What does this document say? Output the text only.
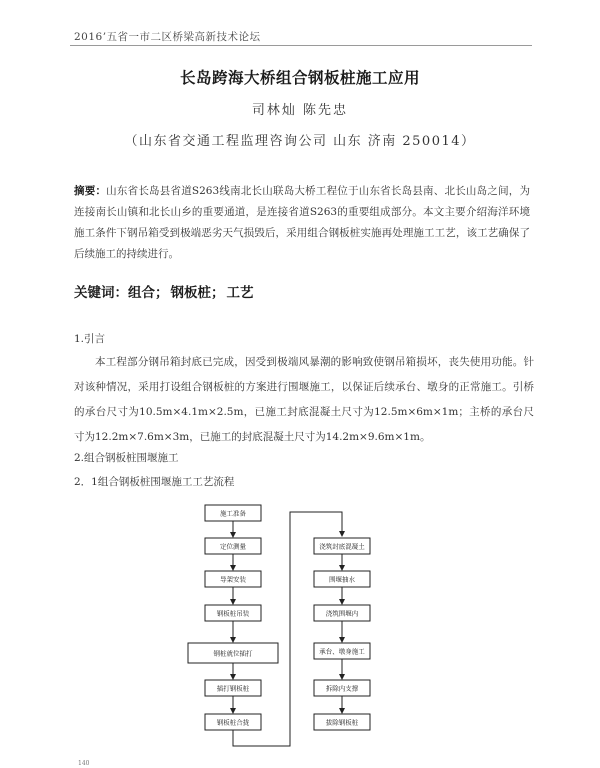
2016’五省一市二区桥梁高新技术论坛
长岛跨海大桥组合钢板桩施工应用
司林灿 陈先忠
（山东省交通工程监理咨询公司 山东 济南 250014）
摘要：山东省长岛县省道S263线南北长山联岛大桥工程位于山东省长岛县南、北长山岛之间，为连接南长山镇和北长山乡的重要通道，是连接省道S263的重要组成部分。本文主要介绍海洋环境施工条件下钢吊箱受到极端恶劣天气损毁后，采用组合钢板桩实施再处理施工工艺，该工艺确保了后续施工的持续进行。
关键词：组合； 钢板桩； 工艺
1.引言
本工程部分钢吊箱封底已完成，因受到极端风暴潮的影响致使钢吊箱损坏，丧失使用功能。针对该种情况，采用打设组合钢板桩的方案进行围堰施工，以保证后续承台、墩身的正常施工。引桥的承台尺寸为10.5m×4.1m×2.5m，已施工封底混凝土尺寸为12.5m×6m×1m；主桥的承台尺寸为12.2m×7.6m×3m，已施工的封底混凝土尺寸为14.2m×9.6m×1m。
2.组合钢板桩围堰施工
2．1组合钢板桩围堰施工工艺流程
施工准备
定位测量
导架安装
钢板桩吊装
钢桩就位插打
插打钢板桩
钢板桩合拢
浇筑封底混凝土
围堰抽水
浇筑围堰内
承台、墩身施工
拆除内支撑
拔除钢板桩
140
